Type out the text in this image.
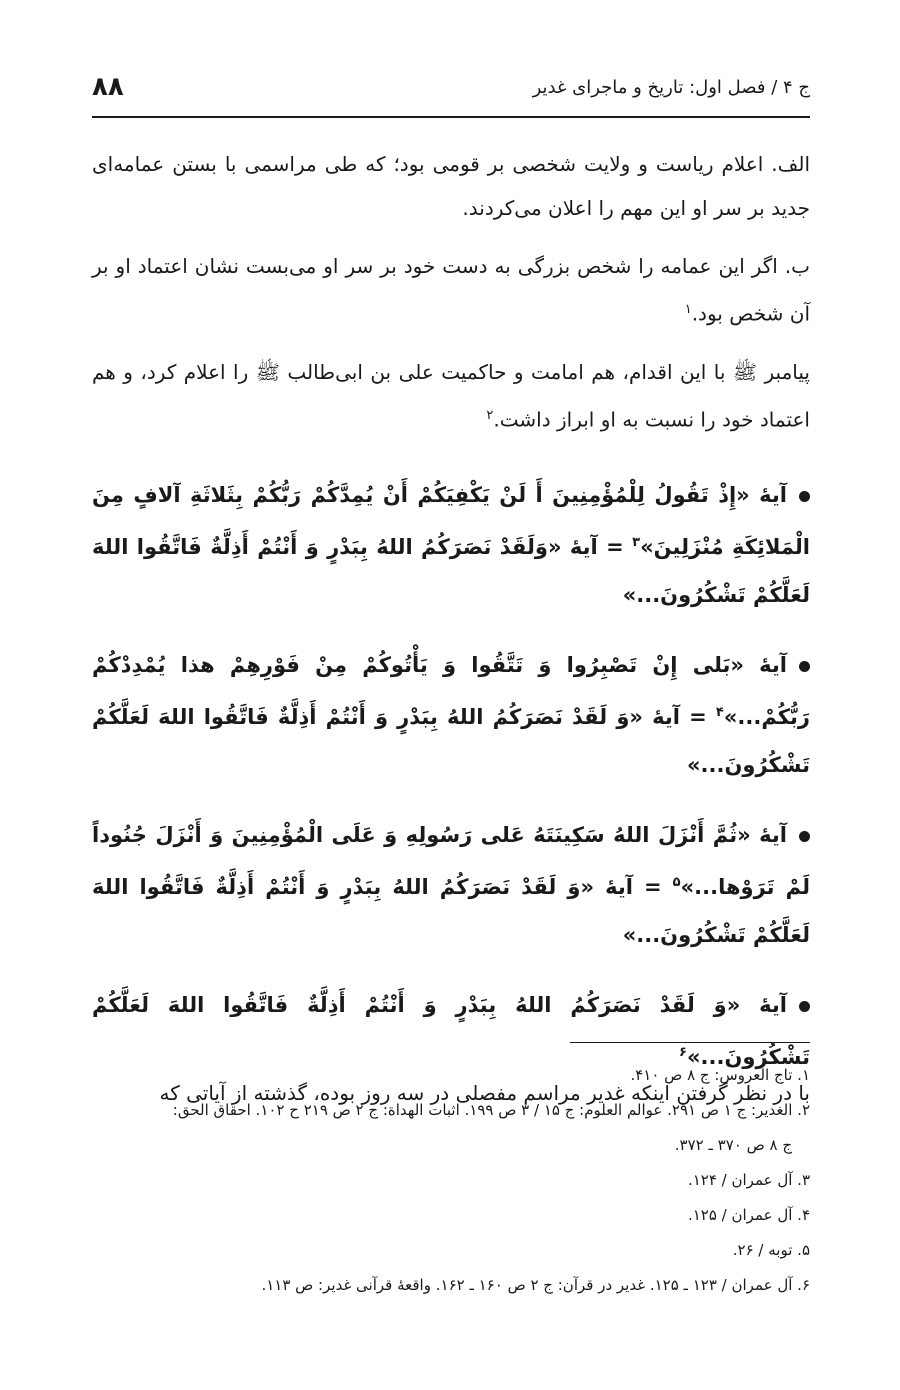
ج ۴ / فصل اول: تاریخ و ماجرای غدیر
۸۸

الف. اعلام ریاست و ولایت شخصی بر قومی بود؛ که طی مراسمی با بستن عمامه‌ای جدید بر سر او این مهم را اعلان می‌کردند.

ب. اگر این عمامه را شخص بزرگی به دست خود بر سر او می‌بست نشان اعتماد او بر آن شخص بود.$^۱$

پیامبر ﷺ با این اقدام، هم امامت و حاکمیت علی بن ابی‌طالب ﷺ را اعلام کرد، و هم اعتماد خود را نسبت به او ابراز داشت.$^۲$

آیهٔ «إِذْ تَقُولُ لِلْمُؤْمِنِینَ أَ لَنْ یَکْفِیَکُمْ أَنْ یُمِدَّکُمْ رَبُّکُمْ بِثَلاثَةِ آلافٍ مِنَ الْمَلائِکَةِ مُنْزَلِینَ»$^۳$ = آیهٔ «وَلَقَدْ نَصَرَکُمُ اللهُ بِبَدْرٍ وَ أَنْتُمْ أَذِلَّةٌ فَاتَّقُوا اللهَ لَعَلَّکُمْ تَشْکُرُونَ...»
آیهٔ «بَلی إِنْ تَصْبِرُوا وَ تَتَّقُوا وَ یَأْتُوکُمْ مِنْ فَوْرِهِمْ هذا یُمْدِدْکُمْ رَبُّکُمْ...»$^۴$ = آیهٔ «وَ لَقَدْ نَصَرَکُمُ اللهُ بِبَدْرٍ وَ أَنْتُمْ أَذِلَّةٌ فَاتَّقُوا اللهَ لَعَلَّکُمْ تَشْکُرُونَ...»
آیهٔ «ثُمَّ أَنْزَلَ اللهُ سَکِینَتَهُ عَلی رَسُولِهِ وَ عَلَی الْمُؤْمِنِینَ وَ أَنْزَلَ جُنُوداً لَمْ تَرَوْها...»$^۵$ = آیهٔ «وَ لَقَدْ نَصَرَکُمُ اللهُ بِبَدْرٍ وَ أَنْتُمْ أَذِلَّةٌ فَاتَّقُوا اللهَ لَعَلَّکُمْ تَشْکُرُونَ...»
آیهٔ «وَ لَقَدْ نَصَرَکُمُ اللهُ بِبَدْرٍ وَ أَنْتُمْ أَذِلَّةٌ فَاتَّقُوا اللهَ لَعَلَّکُمْ تَشْکُرُونَ...»$^۶$

با در نظر گرفتن اینکه غدیر مراسم مفصلی در سه روز بوده، گذشته از آیاتی که

۱. تاج العروس: ج ۸ ص ۴۱۰.

۲. الغدیر: ج ۱ ص ۲۹۱. عوالم العلوم: ج ۱۵ / ۳ ص ۱۹۹. اثبات الهداة: ج ۲ ص ۲۱۹ ح ۱۰۲. احقاق الحق:

ج ۸ ص ۳۷۰ ـ ۳۷۲.

۳. آل عمران / ۱۲۴.

۴. آل عمران / ۱۲۵.

۵. توبه / ۲۶.

۶. آل عمران / ۱۲۳ ـ ۱۲۵. غدیر در قرآن: ج ۲ ص ۱۶۰ ـ ۱۶۲. واقعهٔ قرآنی غدیر: ص ۱۱۳.
